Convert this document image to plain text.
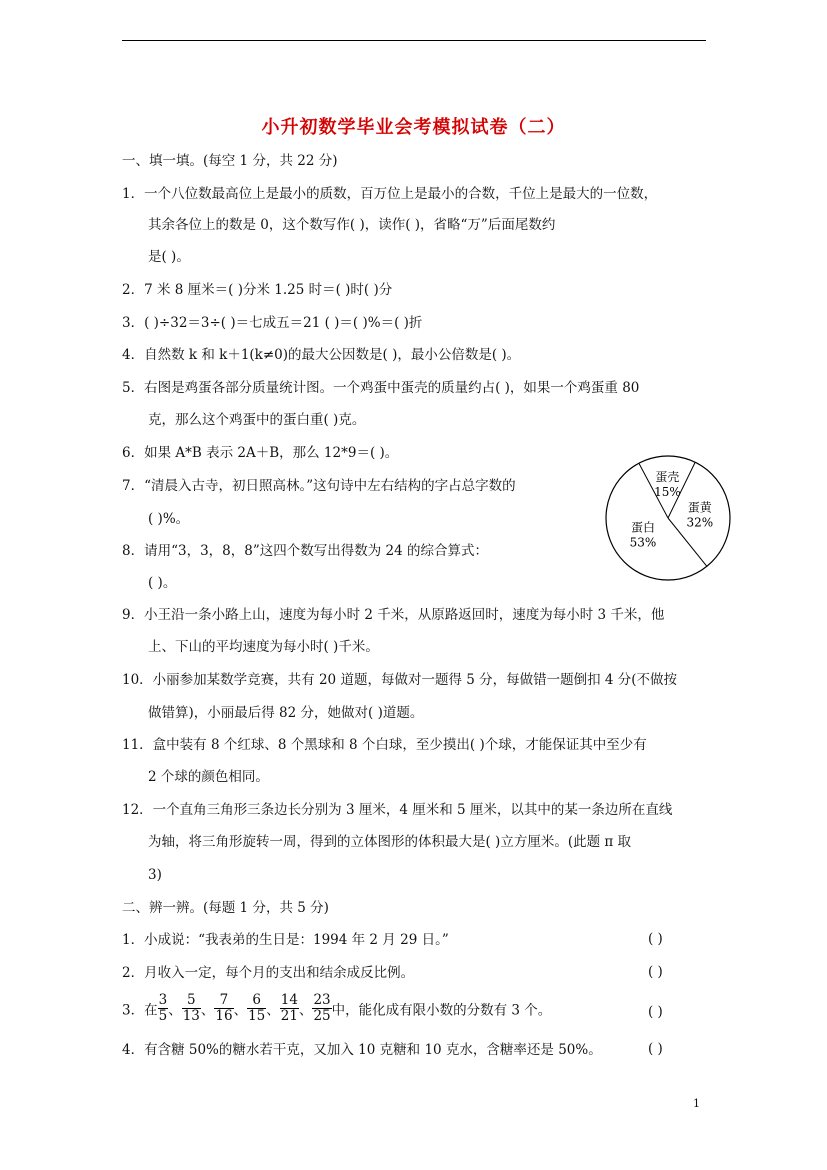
小升初数学毕业会考模拟试卷（二）
一、填一填。(每空 1 分，共 22 分)
1．一个八位数最高位上是最小的质数，百万位上是最小的合数，千位上是最大的一位数，
其余各位上的数是 0，这个数写作( )，读作( )，省略“万”后面尾数约
是( )。
2．7 米 8 厘米＝( )分米 1.25 时＝( )时( )分
3．( )÷32＝3÷( )＝七成五＝21 ( )＝( )%＝( )折
4．自然数 k 和 k＋1(k≠0)的最大公因数是( )，最小公倍数是( )。
5．右图是鸡蛋各部分质量统计图。一个鸡蛋中蛋壳的质量约占( )，如果一个鸡蛋重 80
克，那么这个鸡蛋中的蛋白重( )克。
6．如果 A*B 表示 2A＋B，那么 12*9＝( )。
7．“清晨入古寺，初日照高林。”这句诗中左右结构的字占总字数的
( )%。
8．请用“3，3，8，8”这四个数写出得数为 24 的综合算式：
( )。
9．小王沿一条小路上山，速度为每小时 2 千米，从原路返回时，速度为每小时 3 千米，他
上、下山的平均速度为每小时( )千米。
10．小丽参加某数学竞赛，共有 20 道题，每做对一题得 5 分，每做错一题倒扣 4 分(不做按
做错算)，小丽最后得 82 分，她做对( )道题。
11．盒中装有 8 个红球、8 个黑球和 8 个白球，至少摸出( )个球，才能保证其中至少有
2 个球的颜色相同。
12．一个直角三角形三条边长分别为 3 厘米，4 厘米和 5 厘米，以其中的某一条边所在直线
为轴，将三角形旋转一周，得到的立体图形的体积最大是( )立方厘米。(此题 π 取
3)
蛋壳
15%
蛋黄
32%
蛋白
53%
二、辨一辨。(每题 1 分，共 5 分)
1．小成说：“我表弟的生日是：1994 年 2 月 29 日。”	( )
2．月收入一定，每个月的支出和结余成反比例。	( )
3．在 $\frac{3}{5}$ 、 $\frac{5}{13}$ 、 $\frac{7}{16}$ 、 $\frac{6}{15}$ 、 $\frac{14}{21}$ 、 $\frac{23}{25}$ 中，能化成有限小数的分数有 3 个。	( )
4．有含糖 50%的糖水若干克，又加入 10 克糖和 10 克水，含糖率还是 50%。	( )
1
